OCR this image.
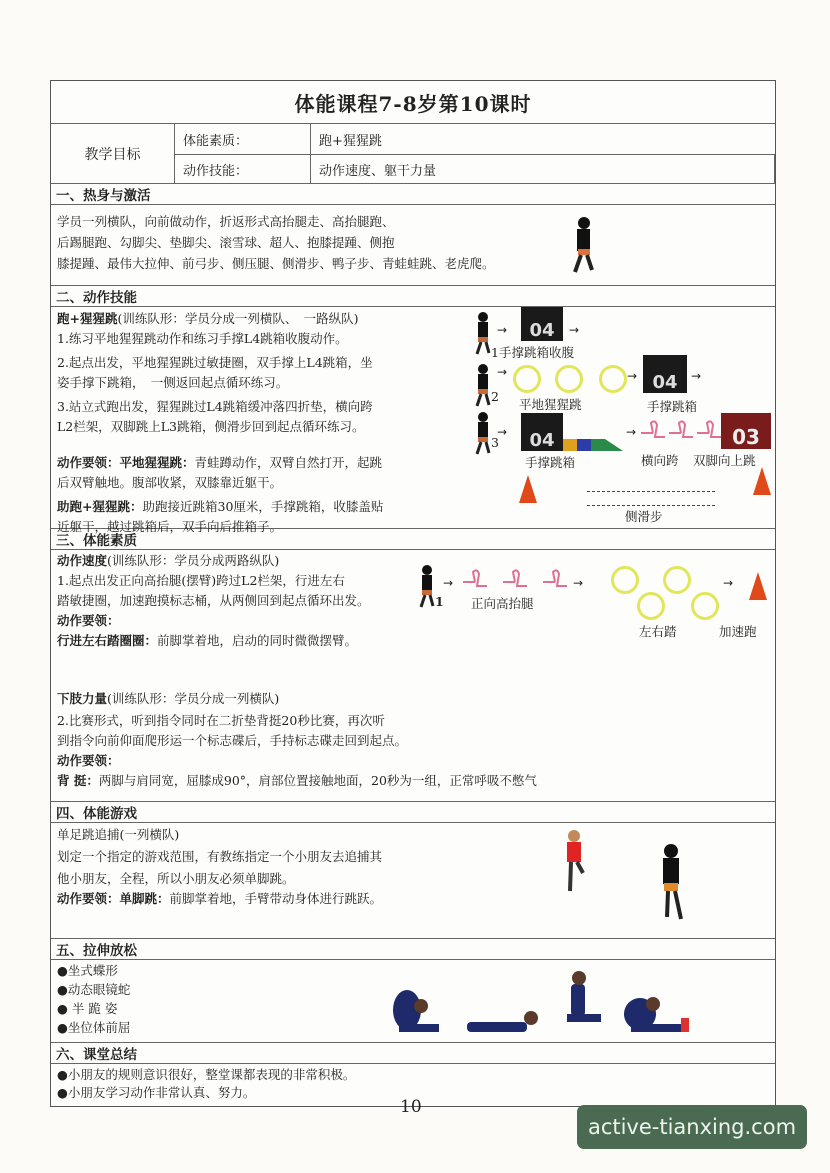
体能课程7-8岁第10课时
教学目标
体能素质：	跑+猩猩跳
动作技能：	动作速度、躯干力量
一、热身与激活
学员一列横队，向前做动作，折返形式高抬腿走、高抬腿跑、
后踢腿跑、勾脚尖、垫脚尖、滚雪球、超人、抱膝提踵、侧抱
膝提踵、最伟大拉伸、前弓步、侧压腿、侧滑步、鸭子步、青蛙蛙跳、老虎爬。
二、动作技能
跑+猩猩跳(训练队形：学员分成一列横队、　一路纵队)
1.练习平地猩猩跳动作和练习手撑L4跳箱收腹动作。
2.起点出发，平地猩猩跳过敏捷圈，双手撑上L4跳箱，坐
姿手撑下跳箱，　一侧返回起点循环练习。
3.站立式跑出发，猩猩跳过L4跳箱缓冲落四折垫，横向跨
L2栏架，双脚跳上L3跳箱，侧滑步回到起点循环练习。
动作要领：平地猩猩跳：青蛙蹲动作，双臂自然打开，起跳
后双臂触地。腹部收紧，双膝靠近躯干。
助跑+猩猩跳：助跑接近跳箱30厘米，手撑跳箱，收膝盖贴
近躯干，越过跳箱后，双手向后推箱子。
→	04	→
1手撑跳箱收腹
2
→	→ 04	→
平地猩猩跳	手撑跳箱
3
→	04	→	03
手撑跳箱	横向跨 双脚向上跳
侧滑步
三、体能素质
动作速度(训练队形：学员分成两路纵队)
1.起点出发正向高抬腿(摆臂)跨过L2栏架，行进左右
踏敏捷圈，加速跑摸标志桶，从两侧回到起点循环出发。
动作要领：
行进左右踏圈圈：前脚掌着地，启动的同时微微摆臂。
下肢力量(训练队形：学员分成一列横队)
2.比赛形式，听到指令同时在二折垫背挺20秒比赛，再次听
到指令向前仰面爬形运一个标志碟后，手持标志碟走回到起点。
动作要领：
背 挺：两脚与肩同宽，屈膝成90°，肩部位置接触地面，20秒为一组，正常呼吸不憋气
1
→	→
正向高抬腿
→
左右踏	加速跑
四、体能游戏
单足跳追捕(一列横队)
划定一个指定的游戏范围，有教练指定一个小朋友去追捕其
他小朋友，全程，所以小朋友必须单脚跳。
动作要领：单脚跳：前脚掌着地，手臂带动身体进行跳跃。
五、拉伸放松
●坐式蝶形
●动态眼镜蛇
● 半 跪 姿
●坐位体前屈
六、课堂总结
●小朋友的规则意识很好，整堂课都表现的非常积极。
●小朋友学习动作非常认真、努力。
10
active-tianxing.com
